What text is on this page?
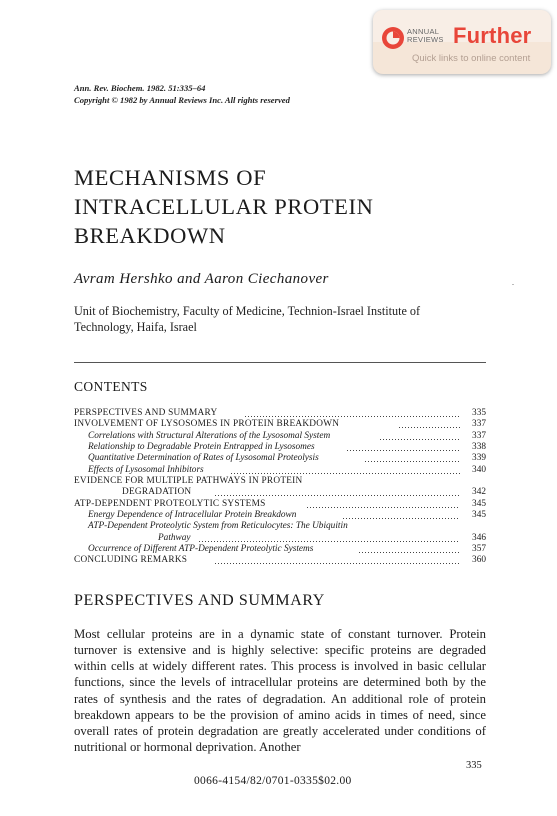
ANNUAL
REVIEWS Further
Quick links to online content
Ann. Rev. Biochem. 1982. 51:335–64
Copyright © 1982 by Annual Reviews Inc. All rights reserved
MECHANISMS OF
INTRACELLULAR PROTEIN
BREAKDOWN
Avram Hershko and Aaron Ciechanover
Unit of Biochemistry, Faculty of Medicine, Technion-Israel Institute of
Technology, Haifa, Israel
CONTENTS
PERSPECTIVES AND SUMMARY	335
INVOLVEMENT OF LYSOSOMES IN PROTEIN BREAKDOWN	337
Correlations with Structural Alterations of the Lysosomal System	337
Relationship to Degradable Protein Entrapped in Lysosomes	338
Quantitative Determination of Rates of Lysosomal Proteolysis	339
Effects of Lysosomal Inhibitors	340
EVIDENCE FOR MULTIPLE PATHWAYS IN PROTEIN
DEGRADATION	342
ATP-DEPENDENT PROTEOLYTIC SYSTEMS	345
Energy Dependence of Intracellular Protein Breakdown	345
ATP-Dependent Proteolytic System from Reticulocytes: The Ubiquitin
Pathway	346
Occurrence of Different ATP-Dependent Proteolytic Systems	357
CONCLUDING REMARKS	360
PERSPECTIVES AND SUMMARY
Most cellular proteins are in a dynamic state of constant turnover. Protein turnover is extensive and is highly selective: specific proteins are degraded within cells at widely different rates. This process is involved in basic cellular functions, since the levels of intracellular proteins are determined both by the rates of synthesis and the rates of degradation. An additional role of protein breakdown appears to be the provision of amino acids in times of need, since overall rates of protein degradation are greatly accelerated under conditions of nutritional or hormonal deprivation. Another
335
0066-4154/82/0701-0335$02.00
